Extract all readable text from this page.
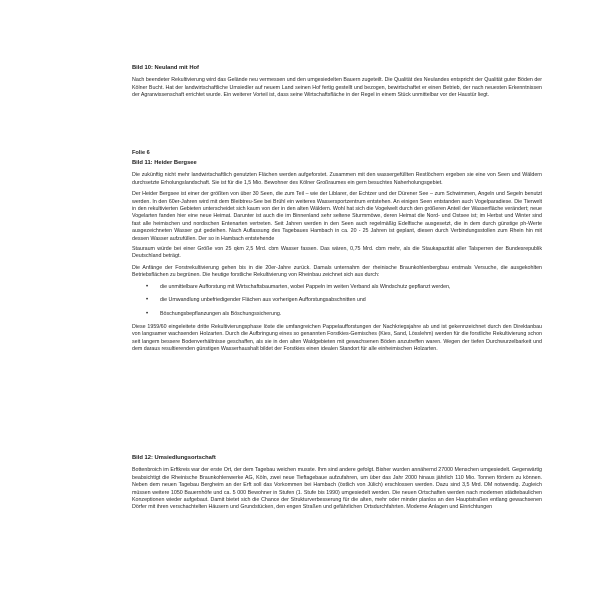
Bild 10: Neuland mit Hof

Nach beendeter Rekultivierung wird das Gelände neu vermessen und den umgesiedelten Bauern zugeteilt. Die Qualität des Neulandes entspricht der Qualität guter Böden der Kölner Bucht. Hat der landwirtschaftliche Umsiedler auf neuem Land seinen Hof fertig gestellt und bezogen, bewirtschaftet er einen Betrieb, der nach neuesten Erkenntnissen der Agrarwissenschaft errichtet wurde. Ein weiterer Vorteil ist, dass seine Wirtschaftsfläche in der Regel in einem Stück unmittelbar vor der Haustür liegt.

Folie 6
Bild 11: Heider Bergsee

Die zukünftig nicht mehr landwirtschaftlich genutzten Flächen werden aufgeforstet. Zusammen mit den wassergefüllten Restlöchern ergeben sie eine von Seen und Wäldern durchsetzte Erholungslandschaft. Sie ist für die 1,5 Mio. Bewohner des Kölner Großraumes ein gern besuchtes Naherholungsgebiet.

Der Heider Bergsee ist einer der größten von über 30 Seen, die zum Teil – wie der Liblarer, der Echtzer und der Dürener See – zum Schwimmen, Angeln und Segeln benutzt werden. In den 60er-Jahren wird mit dem Bleibtreu-See bei Brühl ein weiteres Wassersportzentrum entstehen. An einigen Seen entstanden auch Vogelparadiese. Die Tierwelt in den rekultivierten Gebieten unterscheidet sich kaum von der in den alten Wäldern. Wohl hat sich die Vogelwelt durch den größeren Anteil der Wasserfläche verändert; neue Vogelarten fanden hier eine neue Heimat. Darunter ist auch die im Binnenland sehr seltene Sturmmöwe, deren Heimat die Nord- und Ostsee ist; im Herbst und Winter sind fast alle heimischen und nordischen Entenarten vertreten. Seit Jahren werden in den Seen auch regelmäßig Edelfische ausgesetzt, die in dem durch günstige ph-Werte ausgezeichneten Wasser gut gedeihen. Nach Auflassung des Tagebaues Hambach in ca. 20 - 25 Jahren ist geplant, diesen durch Verbindungsstollen zum Rhein hin mit dessen Wasser aufzufüllen. Der so in Hambach entstehende

Stauraum würde bei einer Größe von 25 qkm 2,5 Mrd. cbm Wasser fassen. Das wären, 0,75 Mrd. cbm mehr, als die Staukapazität aller Talsperren der Bundesrepublik Deutschland beträgt.

Die Anfänge der Forstrekultivierung gehen bis in die 20er-Jahre zurück. Damals unternahm der rheinische Braunkohlenbergbau erstmals Versuche, die ausgekohlten Betriebsflächen zu begrünen. Die heutige forstliche Rekultivierung von Rheinbau zeichnet sich aus durch:

• die unmittelbare Aufforstung mit Wirtschaftsbaumarten, wobei Pappeln im weiten Verband als Windschutz gepflanzt werden,
• die Umwandlung unbefriedigender Flächen aus vorherigen Aufforstungsabschnitten und
• Böschungsbepflanzungen als Böschungssicherung.

Diese 1959/60 eingeleitete dritte Rekultivierungsphase löste die umfangreichen Pappelaufforstungen der Nachkriegsjahre ab und ist gekennzeichnet durch den Direktanbau von langsamer wachsenden Holzarten. Durch die Aufbringung eines so genannten Forstkies-Gemisches (Kies, Sand, Lösslehm) werden für die forstliche Rekultivierung schon seit langem bessere Bodenverhältnisse geschaffen, als sie in den alten Waldgebieten mit gewachsenen Böden anzutreffen waren. Wegen der tiefen Durchwurzelbarkeit und dem daraus resultierenden günstigen Wasserhaushalt bildet der Forstkies einen idealen Standort für alle einheimischen Holzarten.

Bild 12: Umsiedlungsortschaft

Bottenbroich im Erftkreis war der erste Ort, der dem Tagebau weichen musste. Ihm sind andere gefolgt. Bisher wurden annähernd 27000 Menschen umgesiedelt. Gegenwärtig beabsichtigt die Rheinische Braunkohlenwerke AG, Köln, zwei neue Tieftagebaue aufzufahren, um über das Jahr 2000 hinaus jährlich 110 Mio. Tonnen fördern zu können. Neben dem neuen Tagebau Bergheim an der Erft soll das Vorkommen bei Hambach (östlich von Jülich) erschlossen werden. Dazu sind 3,5 Mrd. DM notwendig. Zugleich müssen weitere 1050 Bauernhöfe und ca. 5 000 Bewohner in Stufen (1. Stufe bis 1990) umgesiedelt werden. Die neuen Ortschaften werden nach modernen städtebaulichen Konzeptionen wieder aufgebaut. Damit bietet sich die Chance der Strukturverbesserung für die alten, mehr oder minder planlos an den Hauptstraßen entlang gewachsenen Dörfer mit ihren verschachtelten Häusern und Grundstücken, den engen Straßen und gefährlichen Ortsdurchfahrten. Moderne Anlagen und Einrichtungen
